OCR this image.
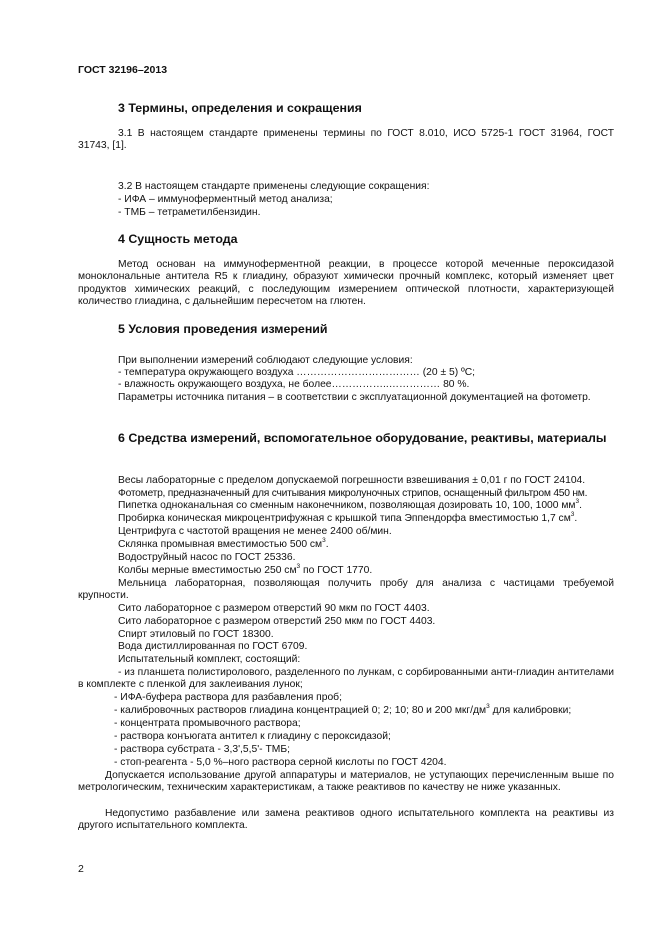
ГОСТ 32196–2013
3 Термины, определения и сокращения
3.1 В настоящем стандарте применены термины по ГОСТ 8.010, ИСО 5725-1 ГОСТ 31964, ГОСТ 31743, [1].
3.2 В настоящем стандарте применены следующие сокращения:
- ИФА – иммуноферментный метод анализа;
- ТМБ – тетраметилбензидин.
4 Сущность метода
Метод основан на иммуноферментной реакции, в процессе которой меченные пероксидазой моноклональные антитела R5 к глиадину, образуют химически прочный комплекс, который изменяет цвет продуктов химических реакций, с последующим измерением оптической плотности, характеризующей количество глиадина, с дальнейшим пересчетом на глютен.
5 Условия проведения измерений
При выполнении измерений соблюдают следующие условия:
- температура окружающего воздуха ……………………………… (20 ± 5) ºС;
- влажность окружающего воздуха, не более……………..…………… 80 %.
Параметры источника питания – в соответствии с эксплуатационной документацией на фотометр.
6 Средства измерений, вспомогательное оборудование, реактивы, материалы
Весы лабораторные с пределом допускаемой погрешности взвешивания ± 0,01 г по ГОСТ 24104.
Фотометр, предназначенный для считывания микролуночных стрипов, оснащенный фильтром 450 нм.
Пипетка одноканальная со сменным наконечником, позволяющая дозировать 10, 100, 1000 $мм^3$.
Пробирка коническая микроцентрифужная с крышкой типа Эппендорфа вместимостью 1,7 $см^3$.
Центрифуга с частотой вращения не менее 2400 об/мин.
Склянка промывная вместимостью 500 $см^3$.
Водоструйный насос по ГОСТ 25336.
Колбы мерные вместимостью 250 $см^3$ по ГОСТ 1770.
Мельница лабораторная, позволяющая получить пробу для анализа с частицами требуемой крупности.
Сито лабораторное с размером отверстий 90 мкм по ГОСТ 4403.
Сито лабораторное с размером отверстий 250 мкм по ГОСТ 4403.
Спирт этиловый по ГОСТ 18300.
Вода дистиллированная по ГОСТ 6709.
Испытательный комплект, состоящий:
- из планшета полистиролового, разделенного по лункам, с сорбированными анти-глиадин антителами в комплекте с пленкой для заклеивания лунок;
- ИФА-буфера раствора для разбавления проб;
- калибровочных растворов глиадина концентрацией 0; 2; 10; 80 и 200 мкг/$дм^3$ для калибровки;
- концентрата промывочного раствора;
- раствора конъюгата антител к глиадину с пероксидазой;
- раствора субстрата - 3,3',5,5'- ТМБ;
- стоп-реагента - 5,0 %–ного раствора серной кислоты по ГОСТ 4204.
Допускается использование другой аппаратуры и материалов, не уступающих перечисленным выше по метрологическим, техническим характеристикам, а также реактивов по качеству не ниже указанных.
Недопустимо разбавление или замена реактивов одного испытательного комплекта на реактивы из другого испытательного комплекта.
2
